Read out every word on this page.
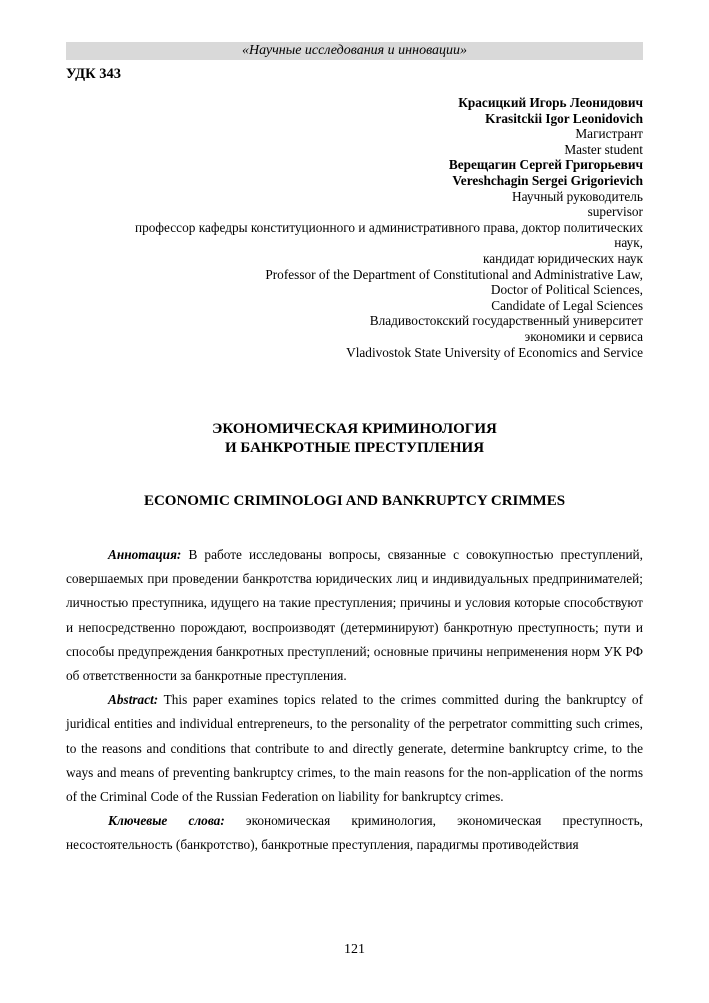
«Научные исследования и инновации»
УДК 343
Красицкий Игорь Леонидович
Krasitckii Igor Leonidovich
Магистрант
Master student
Верещагин Сергей Григорьевич
Vereshchagin Sergei Grigorievich
Научный руководитель
supervisor
профессор кафедры конституционного и административного права, доктор политических
наук,
кандидат юридических наук
Professor of the Department of Constitutional and Administrative Law,
Doctor of Political Sciences,
Candidate of Legal Sciences
Владивостокский государственный университет
экономики и сервиса
Vladivostok State University of Economics and Service
ЭКОНОМИЧЕСКАЯ КРИМИНОЛОГИЯ
И БАНКРОТНЫЕ ПРЕСТУПЛЕНИЯ
ECONOMIC CRIMINOLOGI AND BANKRUPTCY CRIMMES

Аннотация: В работе исследованы вопросы, связанные с совокупностью преступлений, совершаемых при проведении банкротства юридических лиц и индивидуальных предпринимателей; личностью преступника, идущего на такие преступления; причины и условия которые способствуют и непосредственно порождают, воспроизводят (детерминируют) банкротную преступность; пути и способы предупреждения банкротных преступлений; основные причины неприменения норм УК РФ об ответственности за банкротные преступления.

Abstract: This paper examines topics related to the crimes committed during the bankruptcy of juridical entities and individual entrepreneurs, to the personality of the perpetrator committing such crimes, to the reasons and conditions that contribute to and directly generate, determine bankruptcy crime, to the ways and means of preventing bankruptcy crimes, to the main reasons for the non-application of the norms of the Criminal Code of the Russian Federation on liability for bankruptcy crimes.

Ключевые слова: экономическая криминология, экономическая преступность, несостоятельность (банкротство), банкротные преступления, парадигмы противодействия

121
